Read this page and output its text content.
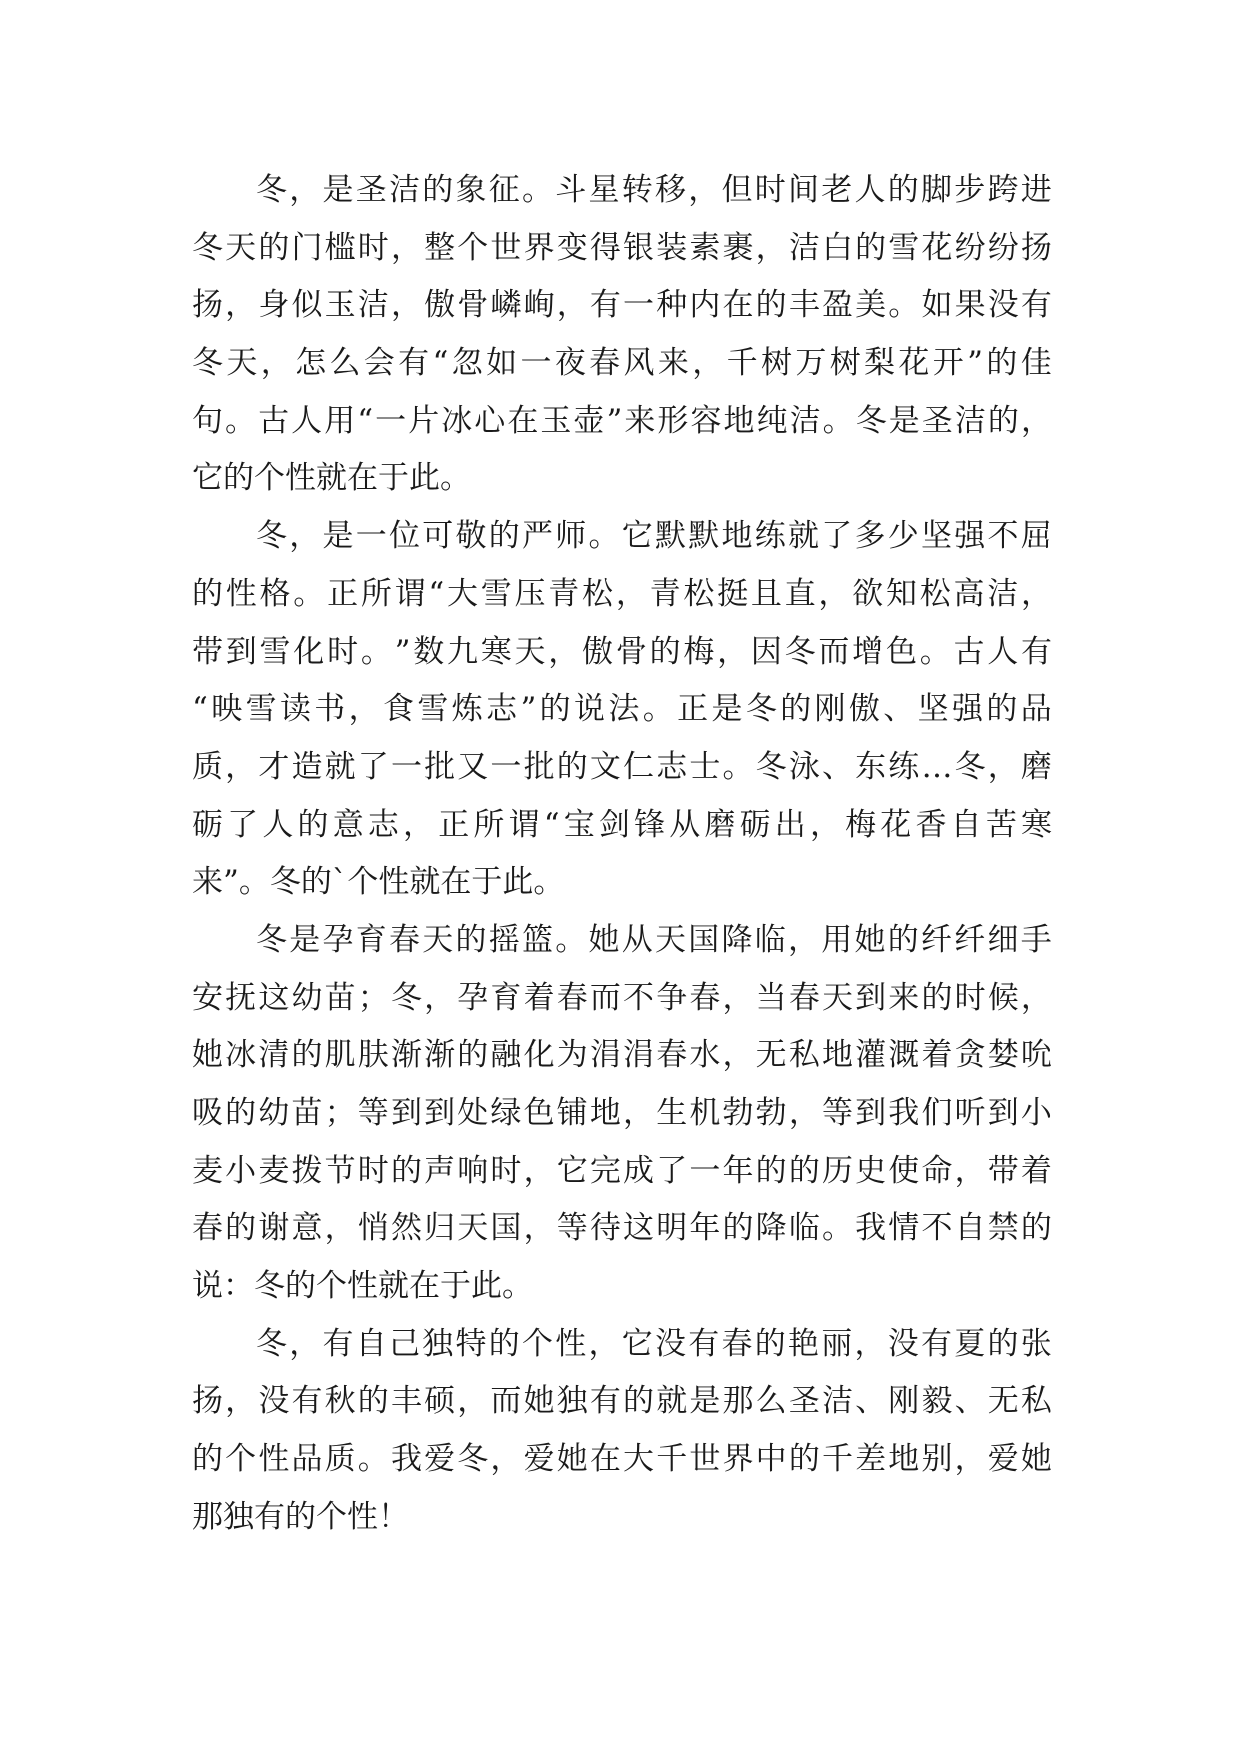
冬 ， 是 圣 洁 的 象 征 。 斗 星 转 移 ， 但 时 间 老 人 的 脚 步 跨 进
冬 天 的 门 槛 时 ， 整 个 世 界 变 得 银 装 素 裹 ， 洁 白 的 雪 花 纷 纷 扬
扬 ， 身 似 玉 洁 ， 傲 骨 嶙 峋 ， 有 一 种 内 在 的 丰 盈 美 。 如 果 没 有
冬 天 ， 怎 么 会 有 “ 忽 如 一 夜 春 风 来 ， 千 树 万 树 梨 花 开 ” 的 佳
句 。 古 人 用 “ 一 片 冰 心 在 玉 壶 ” 来 形 容 地 纯 洁 。 冬 是 圣 洁 的 ，
它的个性就在于此。
冬 ， 是 一 位 可 敬 的 严 师 。 它 默 默 地 练 就 了 多 少 坚 强 不 屈
的 性 格 。 正 所 谓 “ 大 雪 压 青 松 ， 青 松 挺 且 直 ， 欲 知 松 高 洁 ，
带 到 雪 化 时 。 ” 数 九 寒 天 ， 傲 骨 的 梅 ， 因 冬 而 增 色 。 古 人 有
“ 映 雪 读 书 ， 食 雪 炼 志 ” 的 说 法 。 正 是 冬 的 刚 傲 、 坚 强 的 品
质 ， 才 造 就 了 一 批 又 一 批 的 文 仁 志 士 。 冬 泳 、 东 练 … 冬 ， 磨
砺 了 人 的 意 志 ， 正 所 谓 “ 宝 剑 锋 从 磨 砺 出 ， 梅 花 香 自 苦 寒
来”。冬的`个性就在于此。
冬 是 孕 育 春 天 的 摇 篮 。 她 从 天 国 降 临 ， 用 她 的 纤 纤 细 手
安 抚 这 幼 苗 ； 冬 ， 孕 育 着 春 而 不 争 春 ， 当 春 天 到 来 的 时 候 ，
她 冰 清 的 肌 肤 渐 渐 的 融 化 为 涓 涓 春 水 ， 无 私 地 灌 溉 着 贪 婪 吮
吸 的 幼 苗 ； 等 到 到 处 绿 色 铺 地 ， 生 机 勃 勃 ， 等 到 我 们 听 到 小
麦 小 麦 拨 节 时 的 声 响 时 ， 它 完 成 了 一 年 的 的 历 史 使 命 ， 带 着
春 的 谢 意 ， 悄 然 归 天 国 ， 等 待 这 明 年 的 降 临 。 我 情 不 自 禁 的
说：冬的个性就在于此。
冬 ， 有 自 己 独 特 的 个 性 ， 它 没 有 春 的 艳 丽 ， 没 有 夏 的 张
扬 ， 没 有 秋 的 丰 硕 ， 而 她 独 有 的 就 是 那 么 圣 洁 、 刚 毅 、 无 私
的 个 性 品 质 。 我 爱 冬 ， 爱 她 在 大 千 世 界 中 的 千 差 地 别 ， 爱 她
那独有的个性！
